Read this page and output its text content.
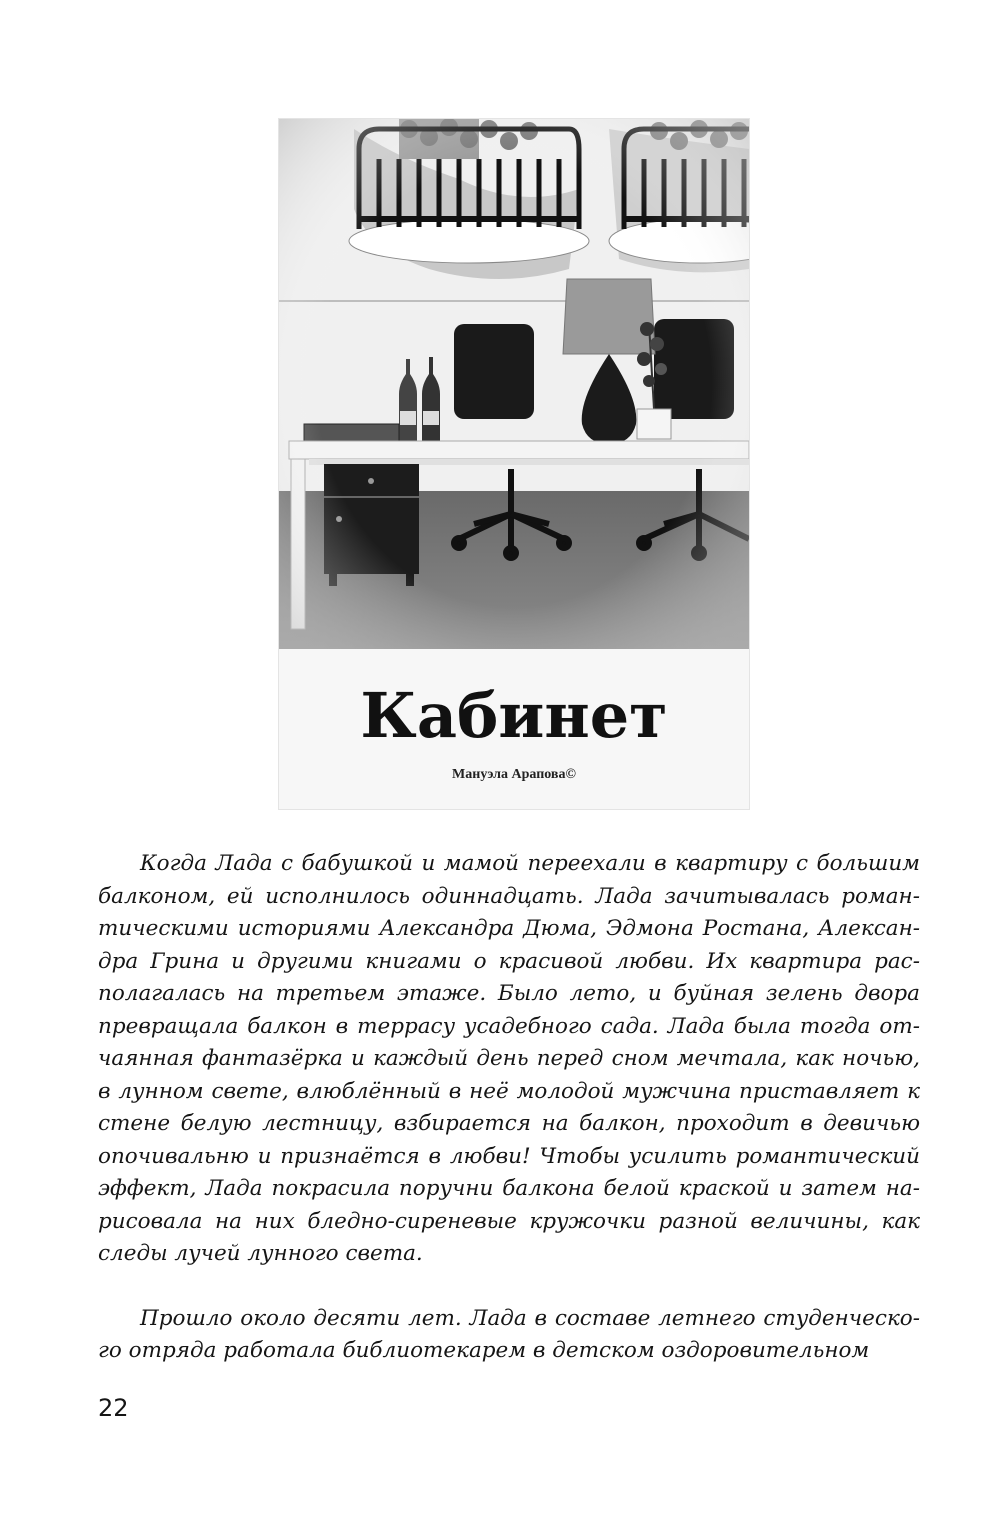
Кабинет
Мануэла Арапова©

Когда Лада с бабушкой и мамой переехали в квартиру с большим балконом, ей исполнилось одиннадцать. Лада зачитывалась романтическими историями Александра Дюма, Эдмона Ростана, Александра Грина и другими книгами о красивой любви. Их квартира располагалась на третьем этаже. Было лето, и буйная зелень двора превращала балкон в террасу усадебного сада. Лада была тогда отчаянная фантазёрка и каждый день перед сном мечтала, как ночью, в лунном свете, влюблённый в неё молодой мужчина приставляет к стене белую лестницу, взбирается на балкон, проходит в девичью опочивальню и признаётся в любви! Чтобы усилить романтический эффект, Лада покрасила поручни балкона белой краской и затем нарисовала на них бледно-сиреневые кружочки разной величины, как следы лучей лунного света.

Прошло около десяти лет. Лада в составе летнего студенческого отряда работала библиотекарем в детском оздоровительном

22
